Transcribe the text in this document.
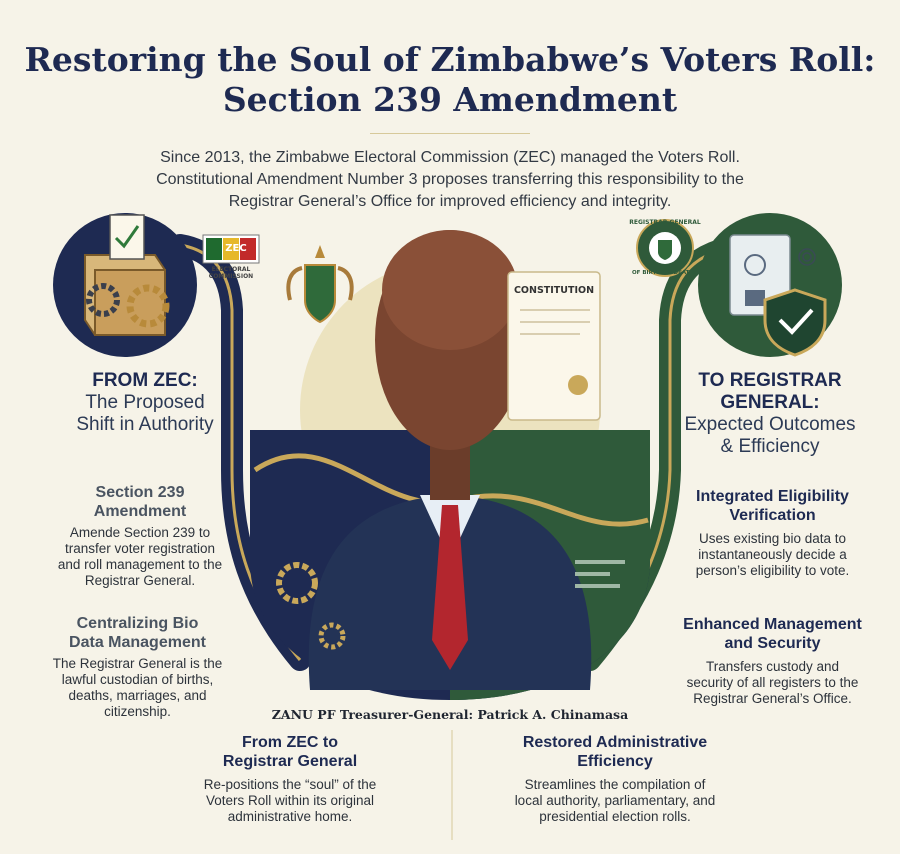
Restoring the Soul of Zimbabwe’s Voters Roll:
Section 239 Amendment
Since 2013, the Zimbabwe Electoral Commission (ZEC) managed the Voters Roll.
Constitutional Amendment Number 3 proposes transferring this responsibility to the
Registrar General’s Office for improved efficiency and integrity.
ZEC
ELECTORAL COMMISSION
REGISTRAR GENERAL
OF BIRTHS & DEATHS
CONSTITUTION
FROM ZEC:
The Proposed
Shift in Authority
TO REGISTRAR
GENERAL:
Expected Outcomes
& Efficiency
Section 239
Amendment
Amende Section 239 to
transfer voter registration
and roll management to the
Registrar General.
Centralizing Bio
Data Management
The Registrar General is the
lawful custodian of births,
deaths, marriages, and
citizenship.
Integrated Eligibility
Verification
Uses existing bio data to
instantaneously decide a
person’s eligibility to vote.
Enhanced Management
and Security
Transfers custody and
security of all registers to the
Registrar General’s Office.
ZANU PF Treasurer-General: Patrick A. Chinamasa
From ZEC to
Registrar General
Re-positions the “soul” of the
Voters Roll within its original
administrative home.
Restored Administrative
Efficiency
Streamlines the compilation of
local authority, parliamentary, and
presidential election rolls.
